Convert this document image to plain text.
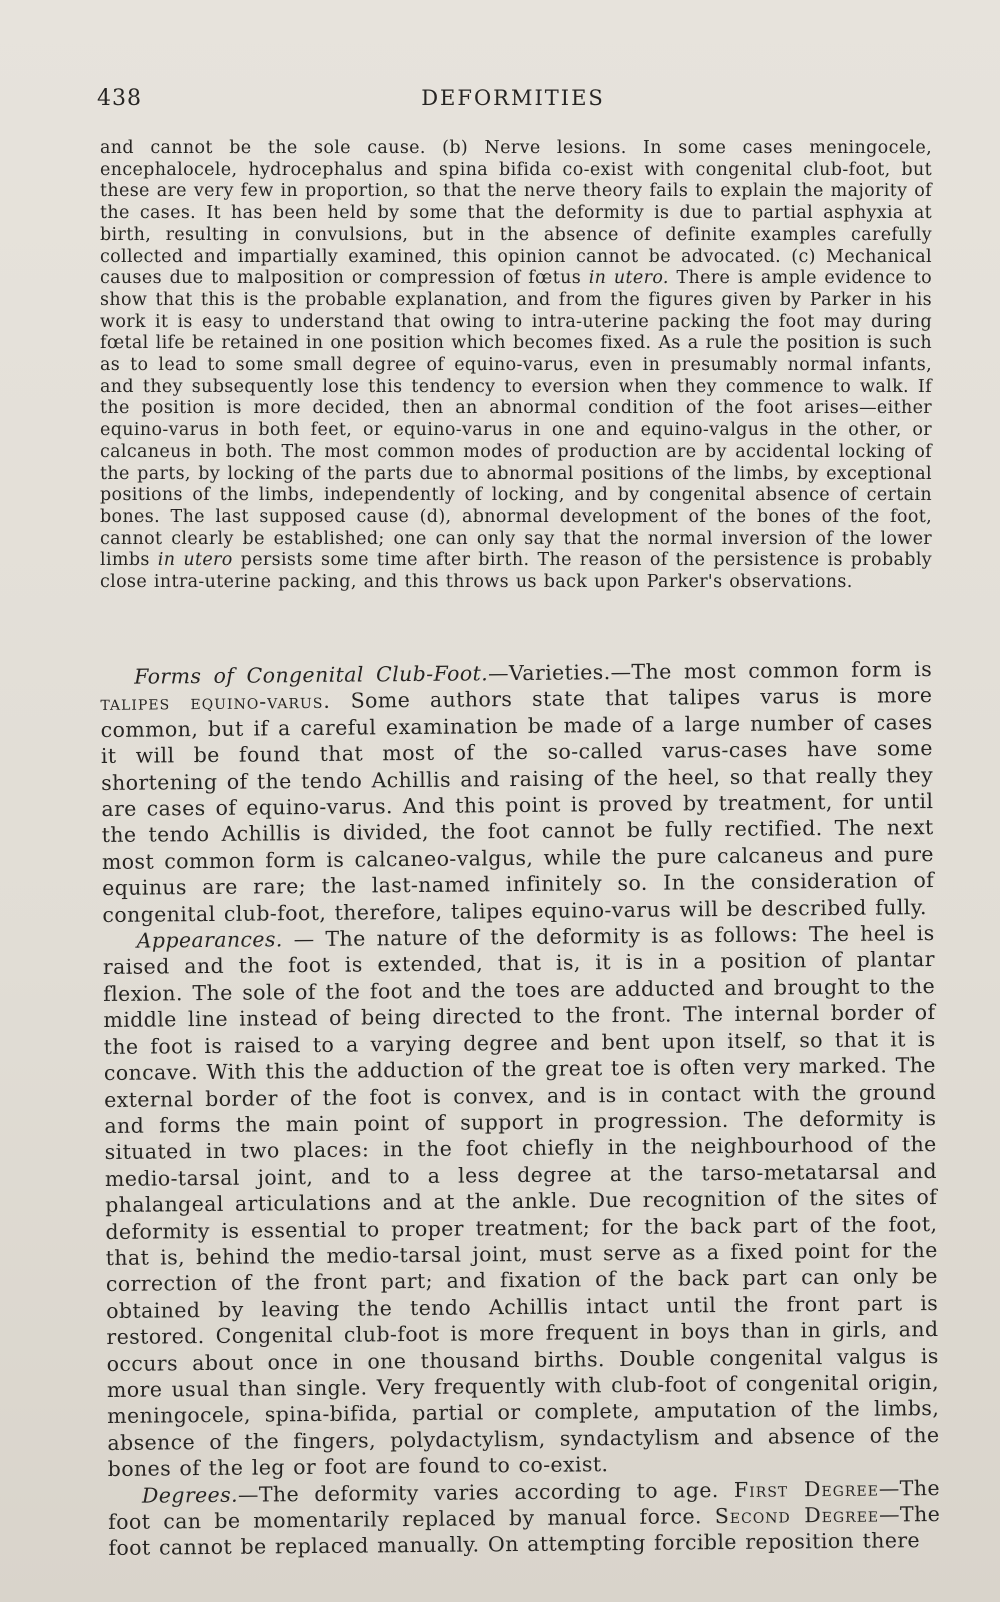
438	DEFORMITIES

and cannot be the sole cause. (b) Nerve lesions. In some cases meningocele, encephalocele, hydrocephalus and spina bifida co-exist with congenital club-foot, but these are very few in proportion, so that the nerve theory fails to explain the majority of the cases. It has been held by some that the deformity is due to partial asphyxia at birth, resulting in convulsions, but in the absence of definite examples carefully collected and impartially examined, this opinion cannot be advocated. (c) Mechanical causes due to malposition or compression of fœtus in utero. There is ample evidence to show that this is the probable explanation, and from the figures given by Parker in his work it is easy to understand that owing to intra-uterine packing the foot may during fœtal life be retained in one position which becomes fixed. As a rule the position is such as to lead to some small degree of equino-varus, even in presumably normal infants, and they subsequently lose this tendency to eversion when they commence to walk. If the position is more decided, then an abnormal condition of the foot arises—either equino-varus in both feet, or equino-varus in one and equino-valgus in the other, or calcaneus in both. The most common modes of production are by accidental locking of the parts, by locking of the parts due to abnormal positions of the limbs, by exceptional positions of the limbs, independently of locking, and by congenital absence of certain bones. The last supposed cause (d), abnormal development of the bones of the foot, cannot clearly be established; one can only say that the normal inversion of the lower limbs in utero persists some time after birth. The reason of the persistence is probably close intra-uterine packing, and this throws us back upon Parker's observations.

Forms of Congenital Club-Foot.—Varieties.—The most common form is talipes equino-varus. Some authors state that talipes varus is more common, but if a careful examination be made of a large number of cases it will be found that most of the so-called varus-cases have some shortening of the tendo Achillis and raising of the heel, so that really they are cases of equino-varus. And this point is proved by treatment, for until the tendo Achillis is divided, the foot cannot be fully rectified. The next most common form is calcaneo-valgus, while the pure calcaneus and pure equinus are rare; the last-named infinitely so. In the consideration of congenital club-foot, therefore, talipes equino-varus will be described fully.

Appearances. — The nature of the deformity is as follows: The heel is raised and the foot is extended, that is, it is in a position of plantar flexion. The sole of the foot and the toes are adducted and brought to the middle line instead of being directed to the front. The internal border of the foot is raised to a varying degree and bent upon itself, so that it is concave. With this the adduction of the great toe is often very marked. The external border of the foot is convex, and is in contact with the ground and forms the main point of support in progression. The deformity is situated in two places: in the foot chiefly in the neighbourhood of the medio-tarsal joint, and to a less degree at the tarso-metatarsal and phalangeal articulations and at the ankle. Due recognition of the sites of deformity is essential to proper treatment; for the back part of the foot, that is, behind the medio-tarsal joint, must serve as a fixed point for the correction of the front part; and fixation of the back part can only be obtained by leaving the tendo Achillis intact until the front part is restored. Congenital club-foot is more frequent in boys than in girls, and occurs about once in one thousand births. Double congenital valgus is more usual than single. Very frequently with club-foot of congenital origin, meningocele, spina-bifida, partial or complete, amputation of the limbs, absence of the fingers, polydactylism, syndactylism and absence of the bones of the leg or foot are found to co-exist.

Degrees.—The deformity varies according to age. First Degree—The foot can be momentarily replaced by manual force. Second Degree—The foot cannot be replaced manually. On attempting forcible reposition there
